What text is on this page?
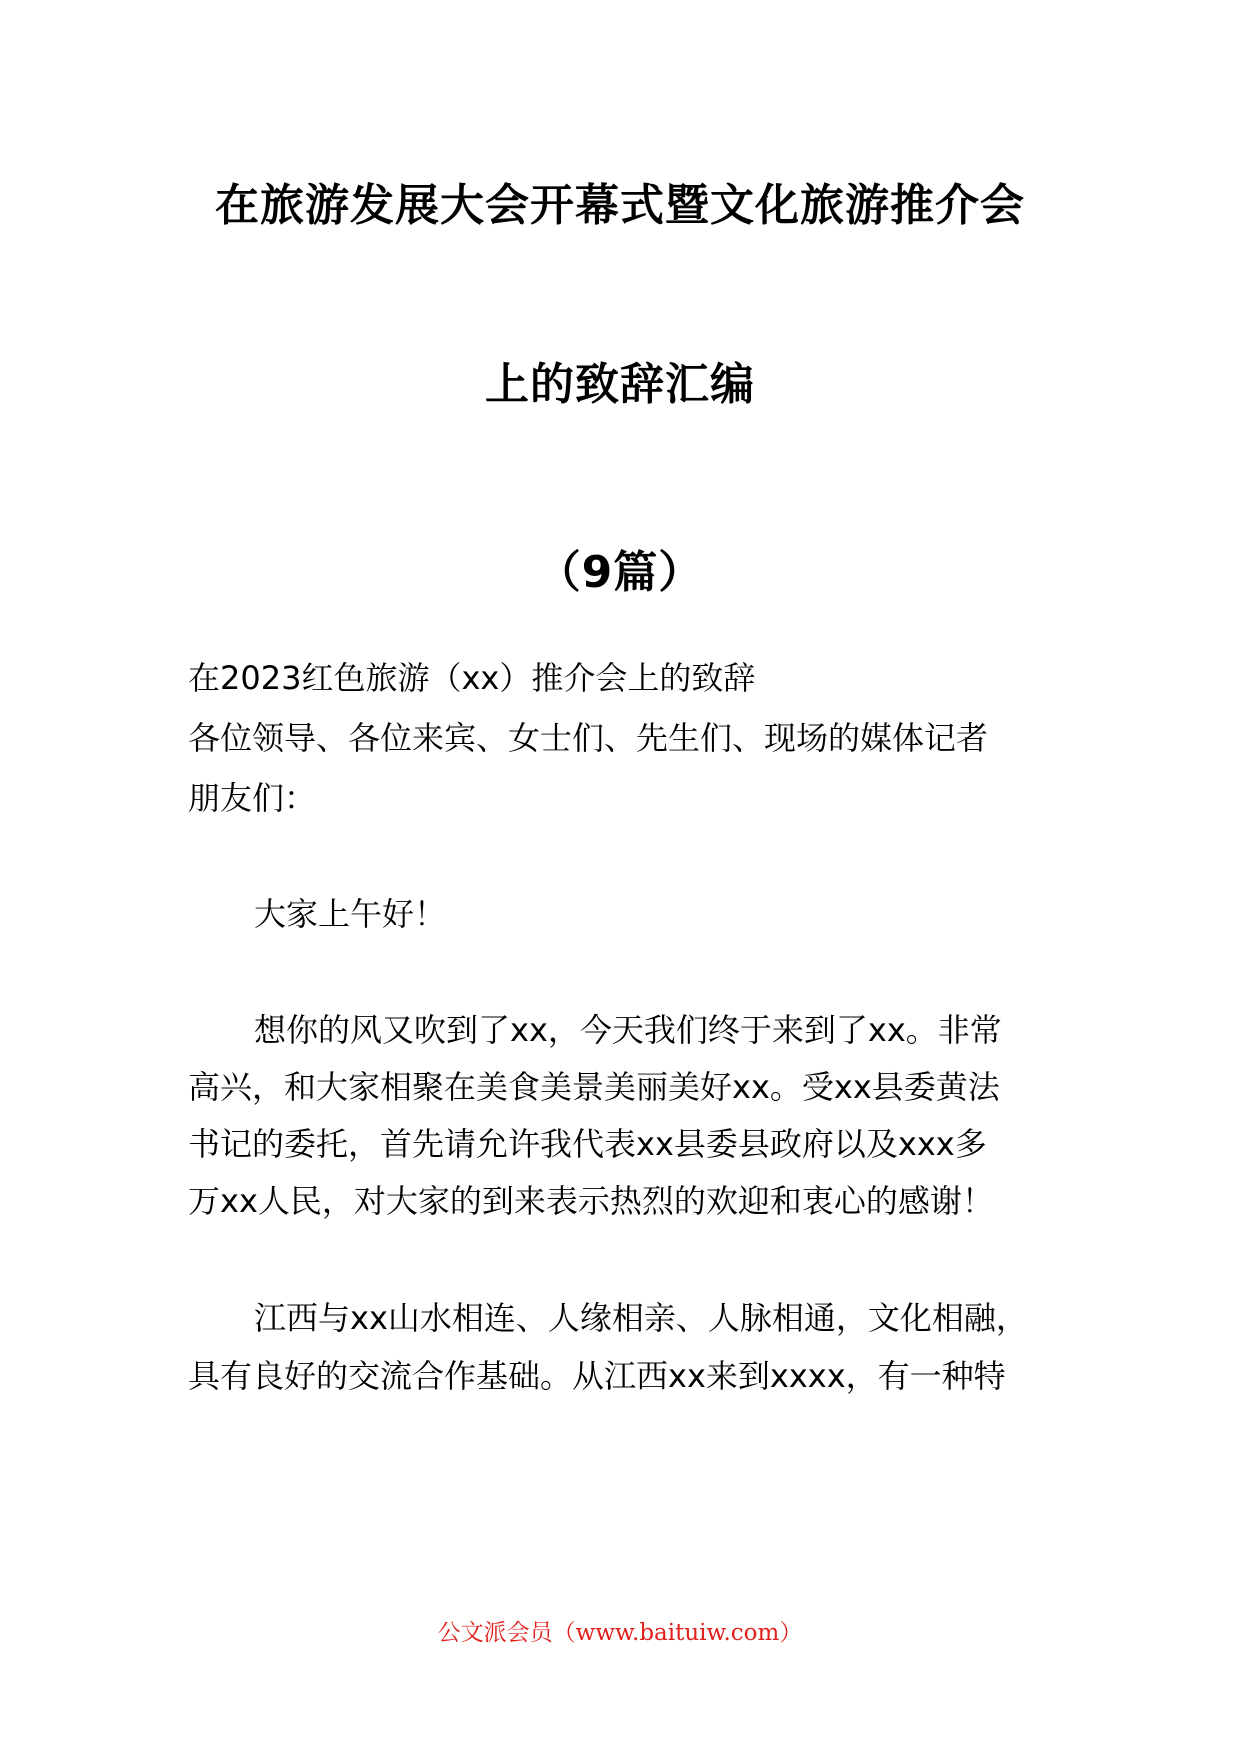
在旅游发展大会开幕式暨文化旅游推介会
上的致辞汇编
（9篇）
在2023红色旅游（xx）推介会上的致辞
各位领导、各位来宾、女士们、先生们、现场的媒体记者
朋友们：
大家上午好！
想你的风又吹到了xx，今天我们终于来到了xx。非常
高兴，和大家相聚在美食美景美丽美好xx。受xx县委黄法
书记的委托，首先请允许我代表xx县委县政府以及xxx多
万xx人民，对大家的到来表示热烈的欢迎和衷心的感谢！
江西与xx山水相连、人缘相亲、人脉相通，文化相融，
具有良好的交流合作基础。从江西xx来到xxxx，有一种特
公文派会员（www.baituiw.com）
